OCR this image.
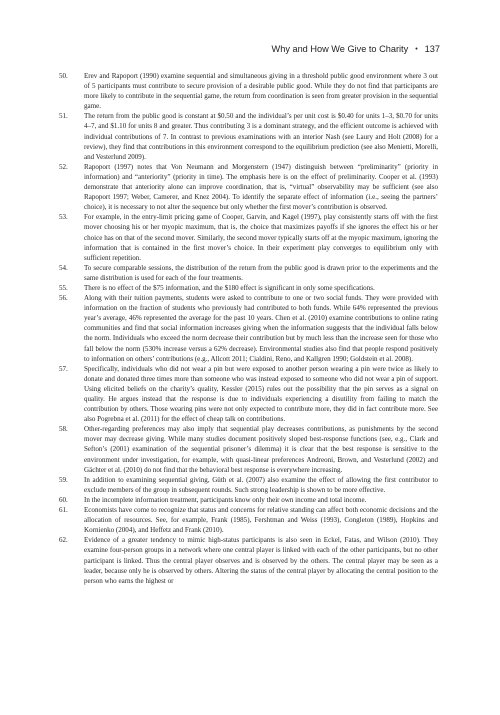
Why and How We Give to Charity • 137

50.	Erev and Rapoport (1990) examine sequential and simultaneous giving in a threshold public good environment where 3 out of 5 participants must contribute to secure provision of a desirable public good. While they do not find that participants are more likely to contribute in the sequential game, the return from coordination is seen from greater provision in the sequential game.

51.	The return from the public good is constant at $0.50 and the individual’s per unit cost is $0.40 for units 1–3, $0.70 for units 4–7, and $1.10 for units 8 and greater. Thus contributing 3 is a dominant strategy, and the efficient outcome is achieved with individual contributions of 7. In contrast to previous examinations with an interior Nash (see Laury and Holt (2008) for a review), they find that contributions in this environment correspond to the equilibrium prediction (see also Menietti, Morelli, and Vesterlund 2009).

52.	Rapoport (1997) notes that Von Neumann and Morgenstern (1947) distinguish between “preliminarity” (priority in information) and “anteriority” (priority in time). The emphasis here is on the effect of preliminarity. Cooper et al. (1993) demonstrate that anteriority alone can improve coordination, that is, “virtual” observability may be sufficient (see also Rapoport 1997; Weber, Camerer, and Knez 2004). To identify the separate effect of information (i.e., seeing the partners’ choice), it is necessary to not alter the sequence but only whether the first mover’s contribution is observed.

53.	For example, in the entry-limit pricing game of Cooper, Garvin, and Kagel (1997), play consistently starts off with the first mover choosing his or her myopic maximum, that is, the choice that maximizes payoffs if she ignores the effect his or her choice has on that of the second mover. Similarly, the second mover typically starts off at the myopic maximum, ignoring the information that is contained in the first mover’s choice. In their experiment play converges to equilibrium only with sufficient repetition.

54.	To secure comparable sessions, the distribution of the return from the public good is drawn prior to the experiments and the same distribution is used for each of the four treatments.

55.	There is no effect of the $75 information, and the $180 effect is significant in only some specifications.

56.	Along with their tuition payments, students were asked to contribute to one or two social funds. They were provided with information on the fraction of students who previously had contributed to both funds. While 64% represented the previous year’s average, 46% represented the average for the past 10 years. Chen et al. (2010) examine contributions to online rating communities and find that social information increases giving when the information suggests that the individual falls below the norm. Individuals who exceed the norm decrease their contribution but by much less than the increase seen for those who fall below the norm (530% increase versus a 62% decrease). Environmental studies also find that people respond positively to information on others’ contributions (e.g., Allcott 2011; Cialdini, Reno, and Kallgren 1990; Goldstein et al. 2008).

57.	Specifically, individuals who did not wear a pin but were exposed to another person wearing a pin were twice as likely to donate and donated three times more than someone who was instead exposed to someone who did not wear a pin of support. Using elicited beliefs on the charity’s quality, Kessler (2015) rules out the possibility that the pin serves as a signal on quality. He argues instead that the response is due to individuals experiencing a disutility from failing to match the contribution by others. Those wearing pins were not only expected to contribute more, they did in fact contribute more. See also Pogrebna et al. (2011) for the effect of cheap talk on contributions.

58.	Other-regarding preferences may also imply that sequential play decreases contributions, as punishments by the second mover may decrease giving. While many studies document positively sloped best-response functions (see, e.g., Clark and Sefton’s (2001) examination of the sequential prisoner’s dilemma) it is clear that the best response is sensitive to the environment under investigation, for example, with quasi-linear preferences Andreoni, Brown, and Vesterlund (2002) and Gächter et al. (2010) do not find that the behavioral best response is everywhere increasing.

59.	In addition to examining sequential giving, Güth et al. (2007) also examine the effect of allowing the first contributor to exclude members of the group in subsequent rounds. Such strong leadership is shown to be more effective.

60.	In the incomplete information treatment, participants know only their own income and total income.

61.	Economists have come to recognize that status and concerns for relative standing can affect both economic decisions and the allocation of resources. See, for example, Frank (1985), Fershtman and Weiss (1993), Congleton (1989), Hopkins and Kornienko (2004), and Heffetz and Frank (2010).

62.	Evidence of a greater tendency to mimic high-status participants is also seen in Eckel, Fatas, and Wilson (2010). They examine four-person groups in a network where one central player is linked with each of the other participants, but no other participant is linked. Thus the central player observes and is observed by the others. The central player may be seen as a leader, because only he is observed by others. Altering the status of the central player by allocating the central position to the person who earns the highest or
